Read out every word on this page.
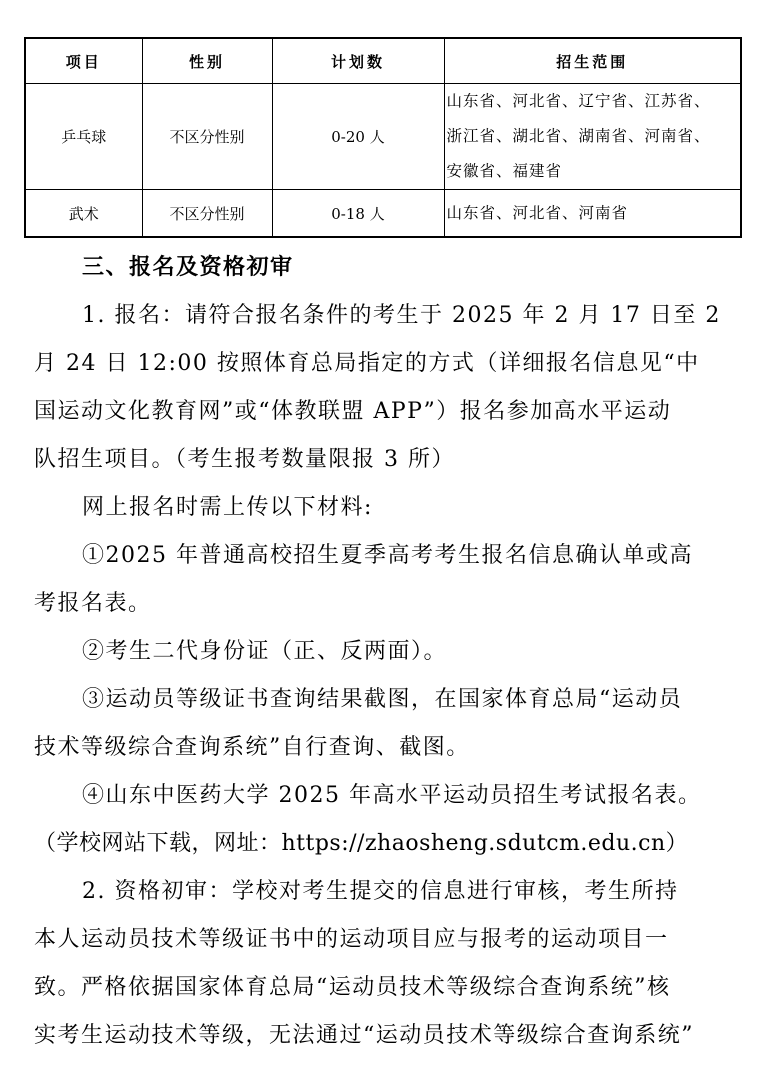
项目	性别	计划数	招生范围
乒乓球	不区分性别	0-20 人	山东省、河北省、辽宁省、江苏省、
浙江省、湖北省、湖南省、河南省、
安徽省、福建省

武术	不区分性别	0-18 人	山东省、河北省、河南省
三、报名及资格初审
1. 报名：请符合报名条件的考生于 2025 年 2 月 17 日至 2
月 24 日 12:00 按照体育总局指定的方式（详细报名信息见“中
国运动文化教育网”或“体教联盟 APP”）报名参加高水平运动
队招生项目。（考生报考数量限报 3 所）
网上报名时需上传以下材料:
①2025 年普通高校招生夏季高考考生报名信息确认单或高
考报名表。
②考生二代身份证（正、反两面）。
③运动员等级证书查询结果截图，在国家体育总局“运动员
技术等级综合查询系统”自行查询、截图。
④山东中医药大学 2025 年高水平运动员招生考试报名表。
（学校网站下载，网址：https://zhaosheng.sdutcm.edu.cn）
2. 资格初审：学校对考生提交的信息进行审核，考生所持
本人运动员技术等级证书中的运动项目应与报考的运动项目一
致。严格依据国家体育总局“运动员技术等级综合查询系统”核
实考生运动技术等级，无法通过“运动员技术等级综合查询系统”
